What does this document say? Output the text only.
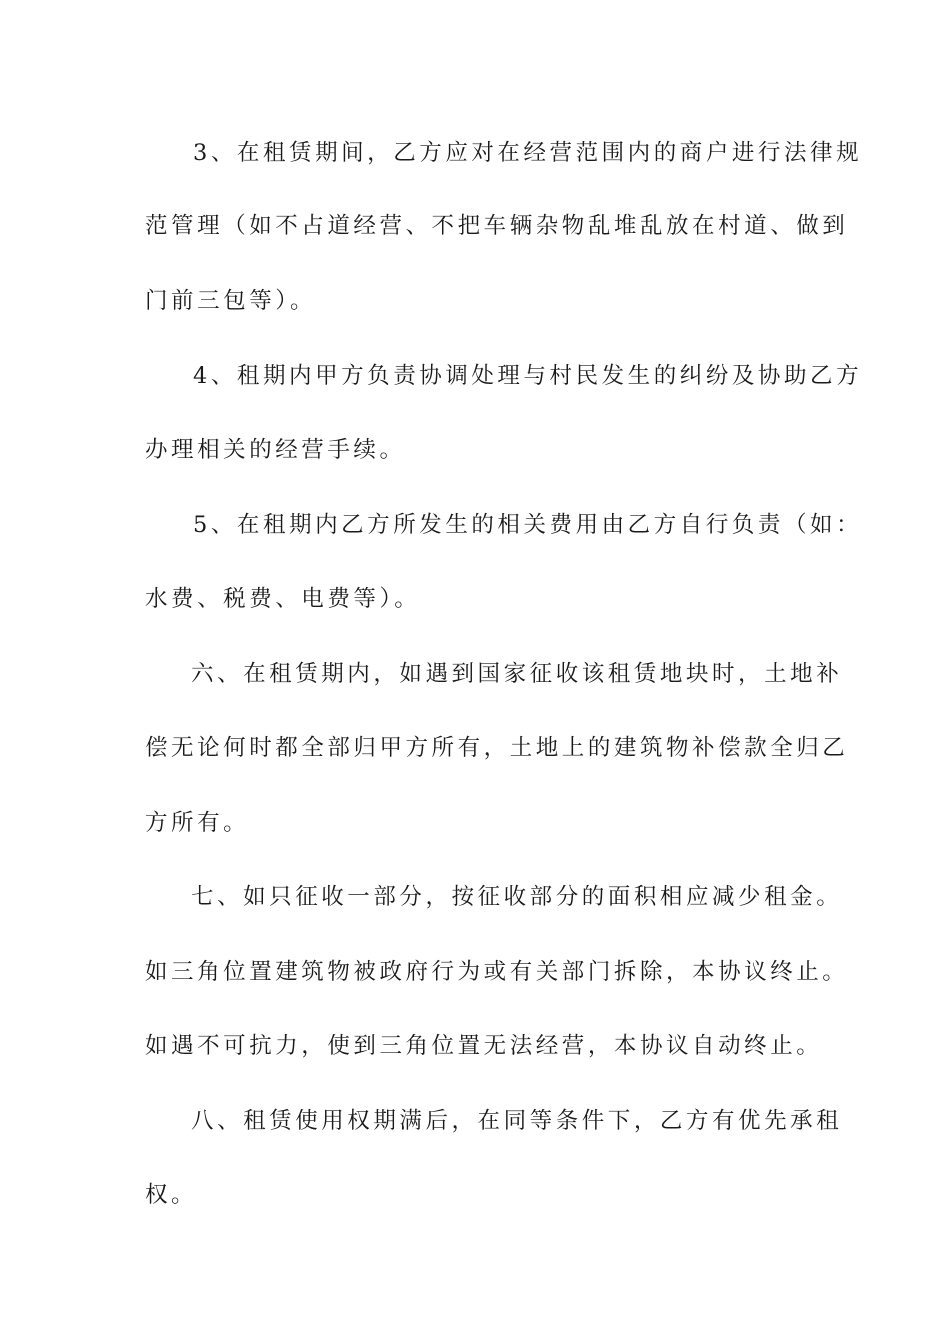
3、在租赁期间，乙方应对在经营范围内的商户进行法律规
范管理（如不占道经营、不把车辆杂物乱堆乱放在村道、做到
门前三包等）。
4、租期内甲方负责协调处理与村民发生的纠纷及协助乙方
办理相关的经营手续。
5、在租期内乙方所发生的相关费用由乙方自行负责（如：
水费、税费、电费等）。
六、在租赁期内，如遇到国家征收该租赁地块时，土地补
偿无论何时都全部归甲方所有，土地上的建筑物补偿款全归乙
方所有。
七、如只征收一部分，按征收部分的面积相应减少租金。
如三角位置建筑物被政府行为或有关部门拆除，本协议终止。
如遇不可抗力，使到三角位置无法经营，本协议自动终止。
八、租赁使用权期满后，在同等条件下，乙方有优先承租
权。
